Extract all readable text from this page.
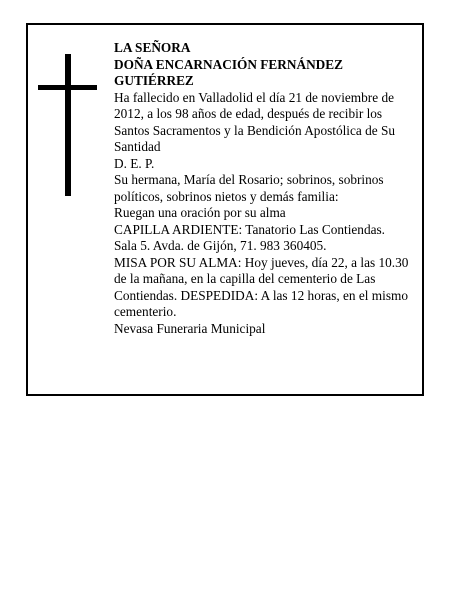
LA SEÑORA
DOÑA ENCARNACIÓN FERNÁNDEZ
GUTIÉRREZ
Ha fallecido en Valladolid el día 21 de noviembre de
2012, a los 98 años de edad, después de recibir los
Santos Sacramentos y la Bendición Apostólica de Su
Santidad
D. E. P.
Su hermana, María del Rosario; sobrinos, sobrinos
políticos, sobrinos nietos y demás familia:
Ruegan una oración por su alma
CAPILLA ARDIENTE: Tanatorio Las Contiendas.
Sala 5. Avda. de Gijón, 71. 983 360405.
MISA POR SU ALMA: Hoy jueves, día 22, a las 10.30
de la mañana, en la capilla del cementerio de Las
Contiendas. DESPEDIDA: A las 12 horas, en el mismo
cementerio.
Nevasa Funeraria Municipal
